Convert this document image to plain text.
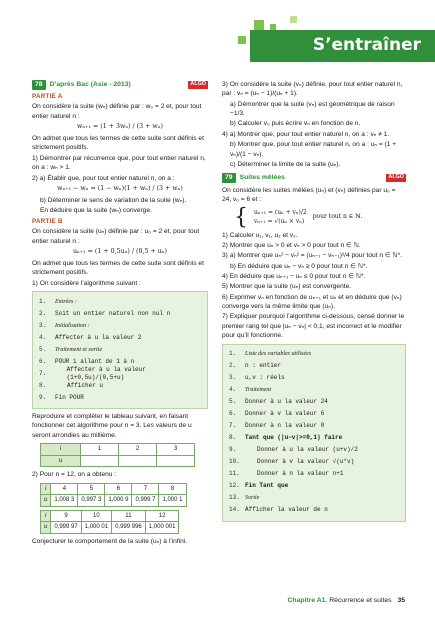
S’entraîner
78	D’après Bac (Asie - 2013)	ALGO
PARTIE A
On considère la suite (wₙ) définie par : w₀ = 2 et, pour tout entier naturel n :
wₙ₊₁ = (1 + 3wₙ) / (3 + wₙ)
On admet que tous les termes de cette suite sont définis et strictement positifs.
1) Démontrer par récurrence que, pour tout entier naturel n, on a : wₙ > 1.
2) a) Établir que, pour tout entier naturel n, on a :
wₙ₊₁ − wₙ = (1 − wₙ)(1 + wₙ) / (3 + wₙ)
b) Déterminer le sens de variation de la suite (wₙ).
En déduire que la suite (wₙ) converge.
PARTIE B
On considère la suite (uₙ) définie par : u₀ = 2 et, pour tout entier naturel n :
uₙ₊₁ = (1 + 0,5uₙ) / (0,5 + uₙ)
On admet que tous les termes de cette suite sont définis et strictement positifs.
1) On considère l’algorithme suivant :
1.	Entrées :
2.	Soit un entier naturel non nul n
3.	Initialisation :
4.	Affecter à u la valeur 2
5.	Traitement et sortie
6.	POUR i allant de 1 à n
7.
Affecter à u la valeur (1+0,5u)/(0,5+u)
8.	Afficher u
9.	Fin POUR
Reproduire et compléter le tableau suivant, en faisant fonctionner cet algorithme pour n = 3. Les valeurs de u seront arrondies au millième.
i	1	2	3
u			
2) Pour n = 12, on a obtenu :
i	4	5	6	7	8
u	1,008 3	0,997 3	1,000 9	0,999 7	1,000 1
i	9	10	11	12
u	0,999 97	1,000 01	0,999 996	1,000 001
Conjecturer le comportement de la suite (uₙ) à l’infini.
3) On considère la suite (vₙ) définie, pour tout entier naturel n, par : vₙ = (uₙ − 1)/(uₙ + 1).
a) Démontrer que la suite (vₙ) est géométrique de raison −1/3.
b) Calculer v₀ puis écrire vₙ en fonction de n.
4) a) Montrer que, pour tout entier naturel n, on a : vₙ ≠ 1.
b) Montrer que, pour tout entier naturel n, on a : uₙ = (1 + vₙ)/(1 − vₙ).
c) Déterminer la limite de la suite (uₙ).
79	Suites mêlées	ALGO
On considère les suites mêlées (uₙ) et (vₙ) définies par u₀ = 24, v₀ = 6 et :
{ uₙ₊₁ = (uₙ + vₙ)/2
vₙ₊₁ = √(uₙ × vₙ)
pour tout n ∈ ℕ.
1) Calculer u₁, v₁, u₂ et v₂.
2) Montrer que uₙ > 0 et vₙ > 0 pour tout n ∈ ℕ.
3) a) Montrer que uₙ² − vₙ² = (uₙ₋₁ − vₙ₋₁)²/4 pour tout n ∈ ℕ*.
b) En déduire que uₙ − vₙ ≥ 0 pour tout n ∈ ℕ*.
4) En déduire que uₙ₊₁ − uₙ ≤ 0 pour tout n ∈ ℕ*.
5) Montrer que la suite (uₙ) est convergente.
6) Exprimer vₙ en fonction de uₙ₊₁ et uₙ et en déduire que (vₙ) converge vers la même limite que (uₙ).
7) Expliquer pourquoi l’algorithme ci-dessous, censé donner le premier rang tel que |uₙ − vₙ| < 0,1, est incorrect et le modifier pour qu’il fonctionne.
1.	Liste des variables utilisées
2.	n : entier
3.	u,v : réels
4.	Traitement
5.	Donner à u la valeur 24
6.	Donner à v la valeur 6
7.	Donner à n la valeur 0
8.	Tant que (|u−v|>=0,1) faire
9.	Donner à u la valeur (u+v)/2
10.	Donner à v la valeur √(u*v)
11.	Donner à n la valeur n+1
12. Fin Tant que
13. Sortie
14. Afficher la valeur de n
Chapitre A1. Récurrence et suites 35
